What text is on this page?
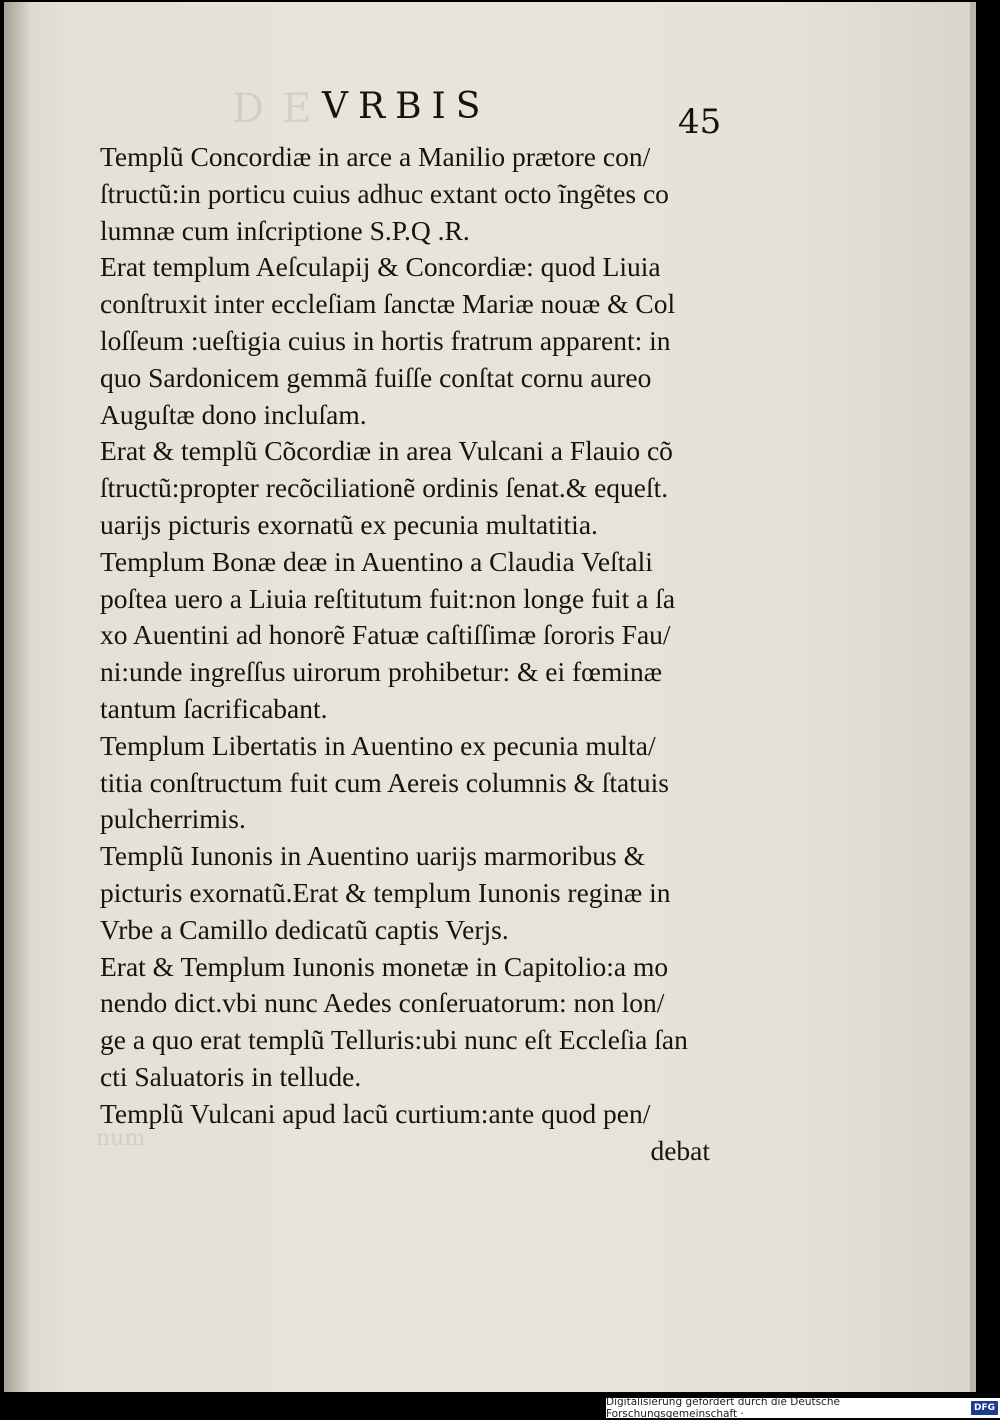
DE
num
VRBIS	45
Templũ Concordiæ in arce a Manilio prætore con/
ſtructũ:in porticu cuius adhuc extant octo ĩngẽtes co
lumnæ cum inſcriptione S.P.Q .R.
Erat templum Aeſculapij & Concordiæ: quod Liuia
conſtruxit inter eccleſiam ſanctæ Mariæ nouæ & Col
loſſeum :ueſtigia cuius in hortis fratrum apparent: in
quo Sardonicem gemmã fuiſſe conſtat cornu aureo
Auguſtæ dono incluſam.
Erat & templũ Cõcordiæ in area Vulcani a Flauio cõ
ſtructũ:propter recõciliationẽ ordinis ſenat.& equeſt.
uarijs picturis exornatũ ex pecunia multatitia.
Templum Bonæ deæ in Auentino a Claudia Veſtali
poſtea uero a Liuia reſtitutum fuit:non longe fuit a ſa
xo Auentini ad honorẽ Fatuæ caſtiſſimæ ſororis Fau/
ni:unde ingreſſus uirorum prohibetur: & ei fœminæ
tantum ſacrificabant.
Templum Libertatis in Auentino ex pecunia multa/
titia conſtructum fuit cum Aereis columnis & ſtatuis
pulcherrimis.
Templũ Iunonis in Auentino uarijs marmoribus &
picturis exornatũ.Erat & templum Iunonis reginæ in
Vrbe a Camillo dedicatũ captis Verjs.
Erat & Templum Iunonis monetæ in Capitolio:a mo
nendo dict.vbi nunc Aedes conſeruatorum: non lon/
ge a quo erat templũ Telluris:ubi nunc eſt Eccleſia ſan
cti Saluatoris in tellude.
Templũ Vulcani apud lacũ curtium:ante quod pen/
debat
Digitalisierung gefördert durch die Deutsche Forschungsgemeinschaft ·	DFG
